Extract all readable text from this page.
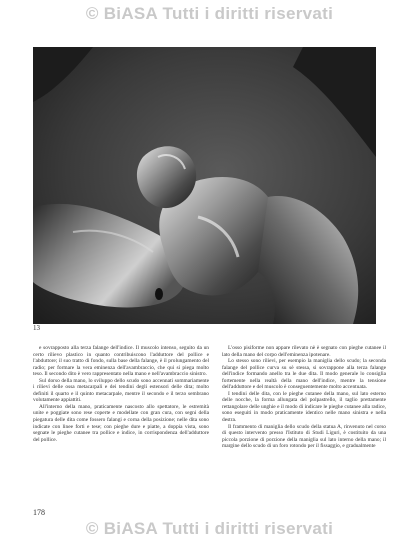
© BiASA Tutti i diritti riservati
13

e sovrapposto alla terza falange dell'indice. Il muscolo intenso, seguito da un certo rilievo plastico in quanto contribuiscono l'adduttore del pollice e l'abduttore; il suo tratto di fondo, sulla base della falange, è il prolungamento del radio; per formare la vera eminenza dell'avambraccio, che qui si piega molto teso. Il secondo dito è vero rappresentato nella mano e nell'avambraccio sinistro.

Sul dorso della mano, lo sviluppo dello scudo sono accennati sommariamente i rilievi delle ossa metacarpali e dei tendini degli estensori delle dita; molto definiti il quarto e il quinto metacarpale, mentre il secondo e il terzo sembrano volutamente appiattiti.

All'interno della mano, praticamente nascosto allo spettatore, le estremità unite e poggiate sono rese coperte e modellate con gran cura, con segni della piegatura delle dita come fossero falangi e corna della posizione; nelle dita sono indicate con linee forti e tese; con pieghe dure e piatte, a doppia vista, sono segnate le pieghe cutanee tra pollice e indice, in corrispondenza dell'adduttore del pollice.

L'osso pisiforme non appare rilevato nè è segnato con pieghe cutanee il lato della mano del corpo dell'eminenza ipotenare.

Lo stesso sono rilievi, per esempio la maniglia dello scudo; la seconda falange del pollice curva su sè stessa, si sovrappone alla terza falange dell'indice formando anello tra le due dita. Il modo generale lo consiglia fortemente nella realtà della mano dell'indice, mentre la tensione dell'adduttore e del muscolo è conseguentemente molto accentuata.

I tendini delle dita, con le pieghe cutanee della mano, sul lato esterno delle nocche, la forma allungata del polpastrello, il taglio prettamente rettangolare delle unghie e il modo di indicare le pieghe cutanee alla radice, sono eseguiti in modo praticamente identico nelle mano sinistra e nella destra.

Il frammento di maniglia dello scudo della statua A, rinvenuto nel corso di questo intervento presso l'Istituto di Studi Liguri, è costituito da una piccola porzione di porzione della maniglia sul lato interno della mano; il margine dello scudo di un foro rotondo per il fissaggio, e gradualmente

178
© BiASA Tutti i diritti riservati
